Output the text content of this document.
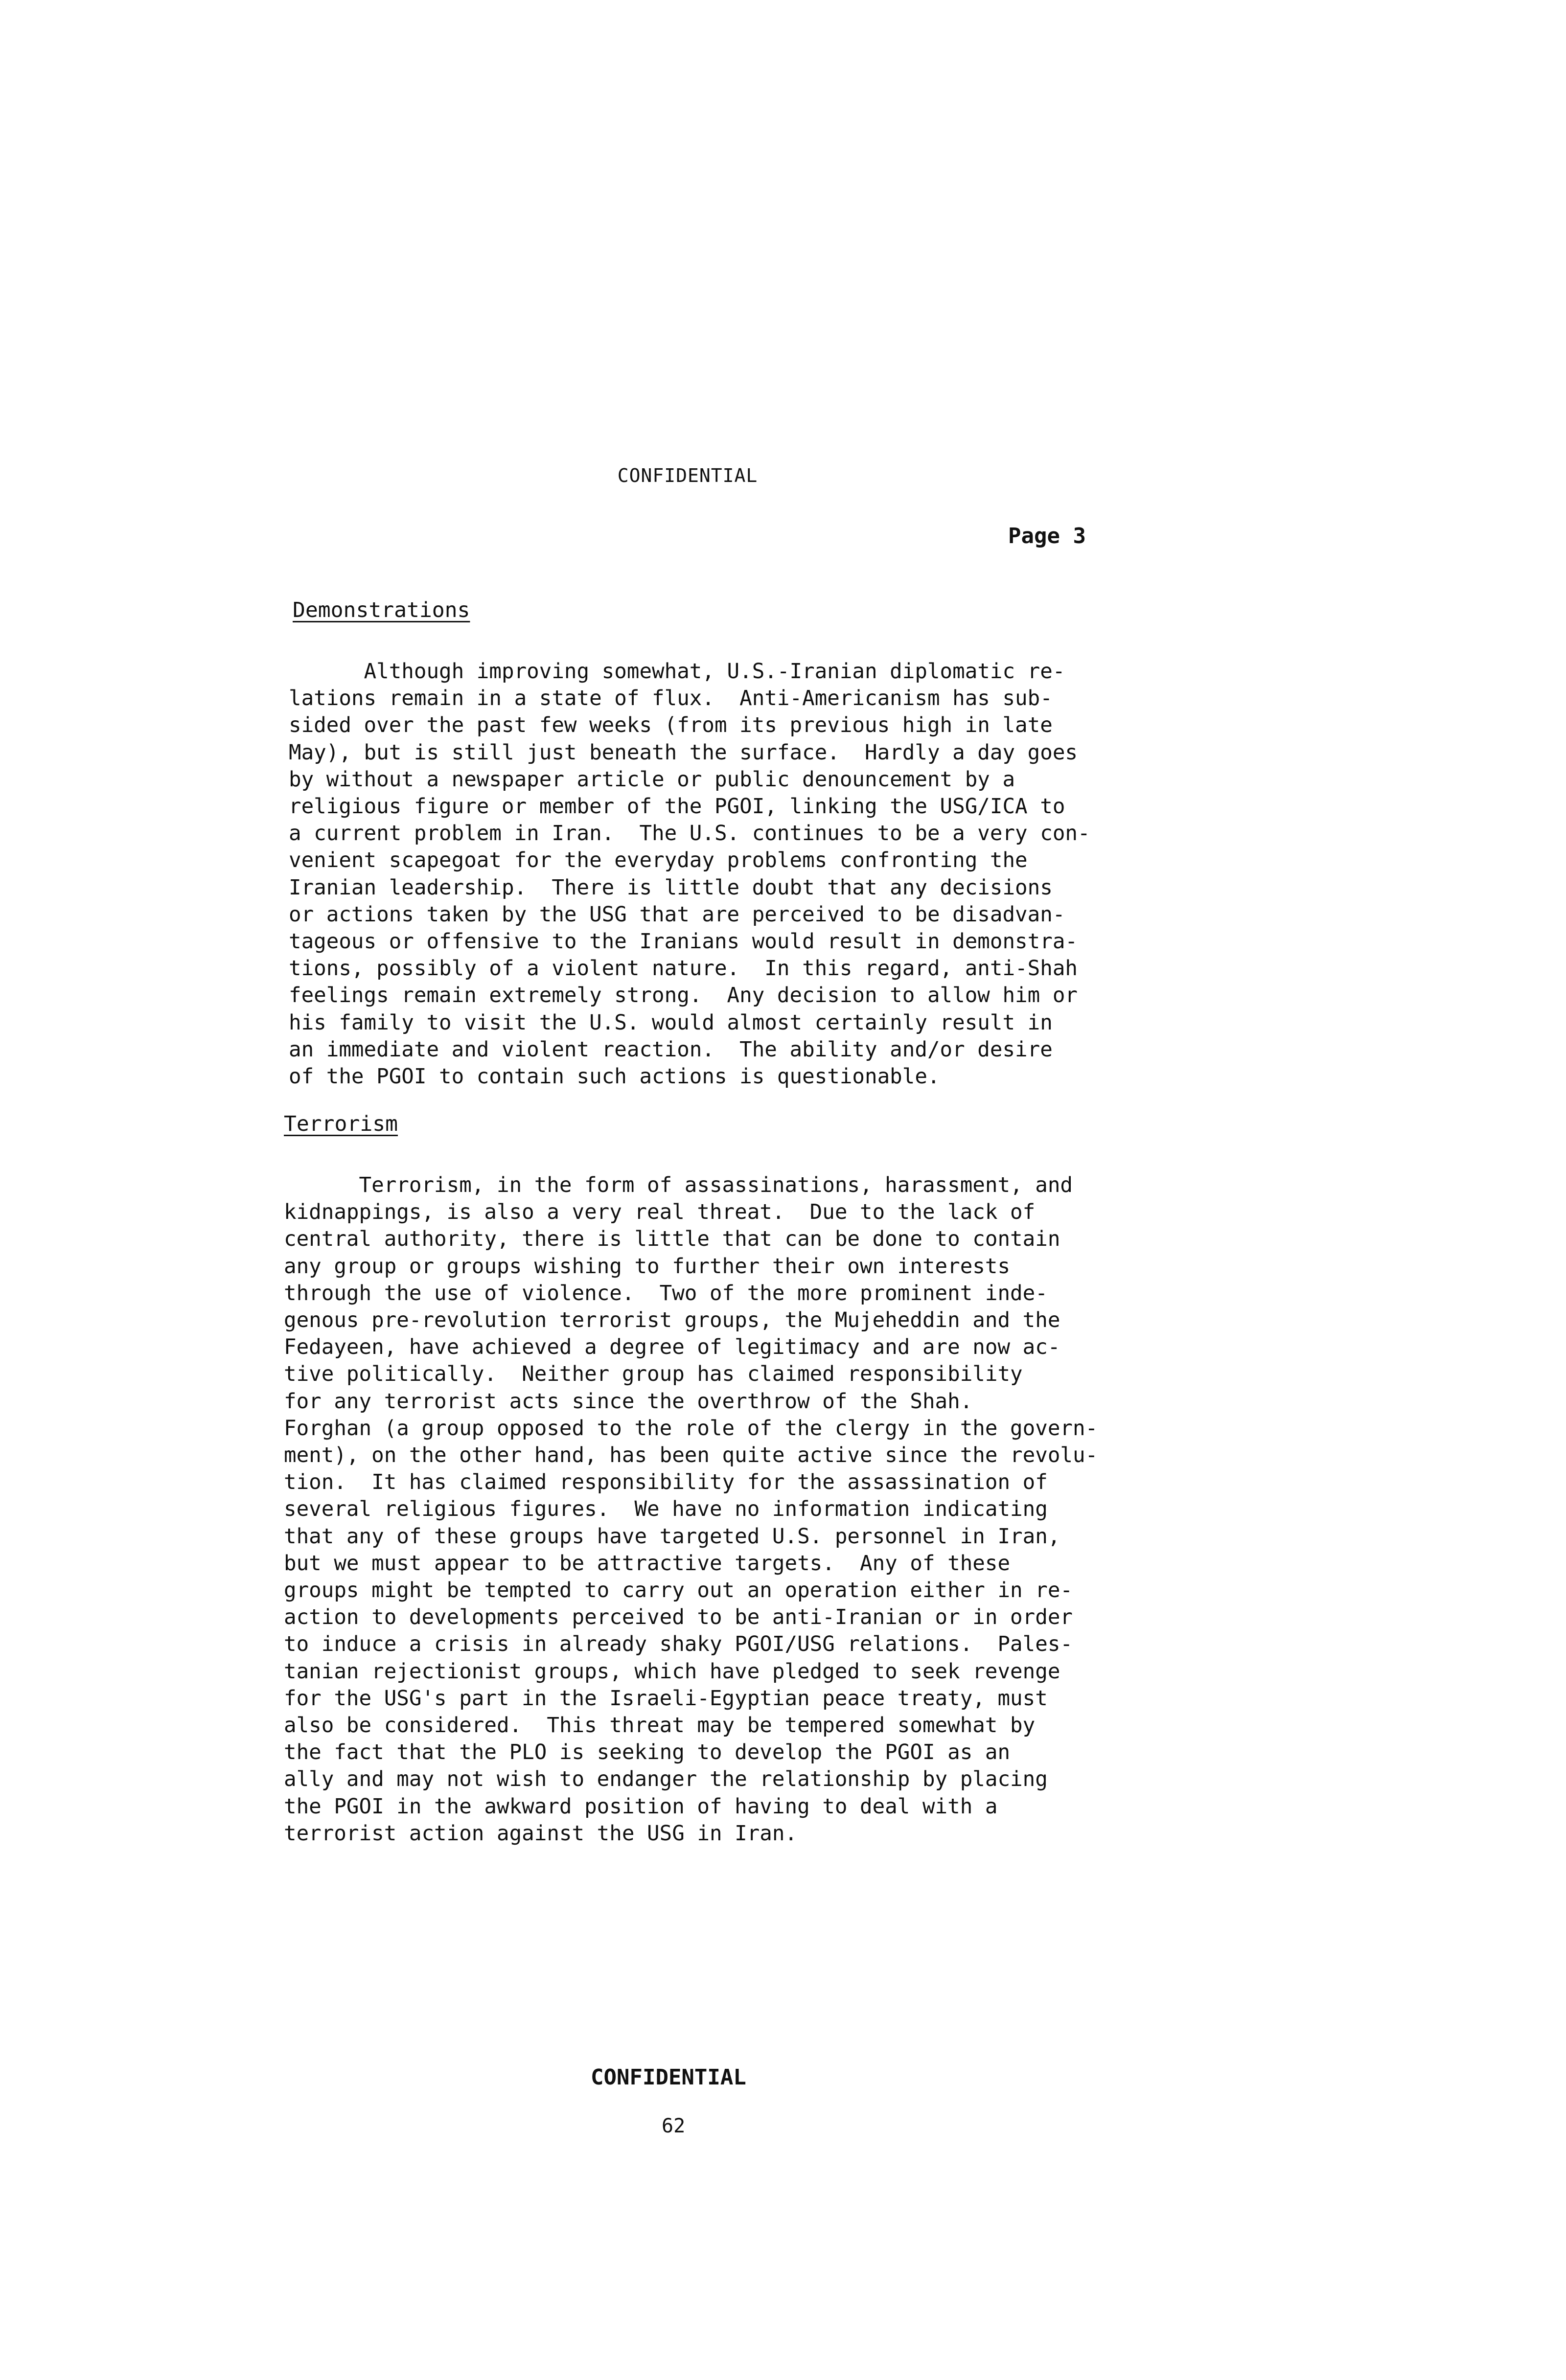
CONFIDENTIAL
Page 3
Demonstrations
Although improving somewhat, U.S.-Iranian diplomatic re-
lations remain in a state of flux.  Anti-Americanism has sub-
sided over the past few weeks (from its previous high in late
May), but is still just beneath the surface.  Hardly a day goes
by without a newspaper article or public denouncement by a
religious figure or member of the PGOI, linking the USG/ICA to
a current problem in Iran.  The U.S. continues to be a very con-
venient scapegoat for the everyday problems confronting the
Iranian leadership.  There is little doubt that any decisions
or actions taken by the USG that are perceived to be disadvan-
tageous or offensive to the Iranians would result in demonstra-
tions, possibly of a violent nature.  In this regard, anti-Shah
feelings remain extremely strong.  Any decision to allow him or
his family to visit the U.S. would almost certainly result in
an immediate and violent reaction.  The ability and/or desire
of the PGOI to contain such actions is questionable.
Terrorism
Terrorism, in the form of assassinations, harassment, and
kidnappings, is also a very real threat.  Due to the lack of
central authority, there is little that can be done to contain
any group or groups wishing to further their own interests
through the use of violence.  Two of the more prominent inde-
genous pre-revolution terrorist groups, the Mujeheddin and the
Fedayeen, have achieved a degree of legitimacy and are now ac-
tive politically.  Neither group has claimed responsibility
for any terrorist acts since the overthrow of the Shah.
Forghan (a group opposed to the role of the clergy in the govern-
ment), on the other hand, has been quite active since the revolu-
tion.  It has claimed responsibility for the assassination of
several religious figures.  We have no information indicating
that any of these groups have targeted U.S. personnel in Iran,
but we must appear to be attractive targets.  Any of these
groups might be tempted to carry out an operation either in re-
action to developments perceived to be anti-Iranian or in order
to induce a crisis in already shaky PGOI/USG relations.  Pales-
tanian rejectionist groups, which have pledged to seek revenge
for the USG's part in the Israeli-Egyptian peace treaty, must
also be considered.  This threat may be tempered somewhat by
the fact that the PLO is seeking to develop the PGOI as an
ally and may not wish to endanger the relationship by placing
the PGOI in the awkward position of having to deal with a
terrorist action against the USG in Iran.
CONFIDENTIAL
62
